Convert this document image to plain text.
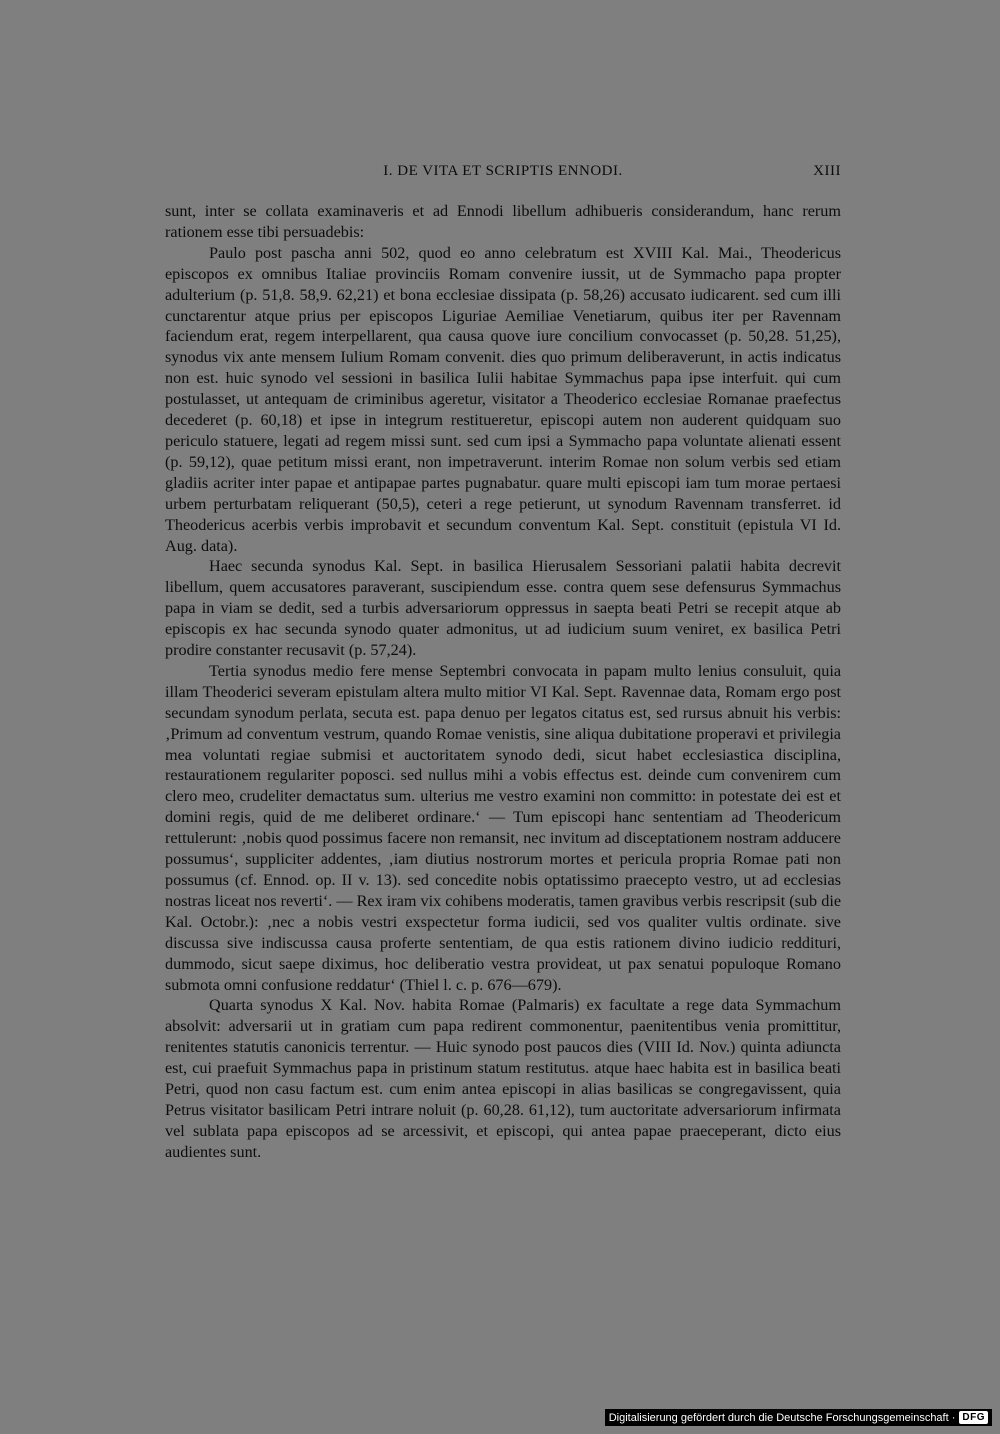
I. DE VITA ET SCRIPTIS ENNODI.	XIII

sunt, inter se collata examinaveris et ad Ennodi libellum adhibueris considerandum, hanc rerum rationem esse tibi persuadebis:

Paulo post pascha anni 502, quod eo anno celebratum est XVIII Kal. Mai., Theodericus episcopos ex omnibus Italiae provinciis Romam convenire iussit, ut de Symmacho papa propter adulterium (p. 51,8. 58,9. 62,21) et bona ecclesiae dissipata (p. 58,26) accusato iudicarent. sed cum illi cunctarentur atque prius per episcopos Liguriae Aemiliae Venetiarum, quibus iter per Ravennam faciendum erat, regem interpellarent, qua causa quove iure concilium convocasset (p. 50,28. 51,25), synodus vix ante mensem Iulium Romam convenit. dies quo primum deliberaverunt, in actis indicatus non est. huic synodo vel sessioni in basilica Iulii habitae Symmachus papa ipse interfuit. qui cum postulasset, ut antequam de criminibus ageretur, visitator a Theoderico ecclesiae Romanae praefectus decederet (p. 60,18) et ipse in integrum restitueretur, episcopi autem non auderent quidquam suo periculo statuere, legati ad regem missi sunt. sed cum ipsi a Symmacho papa voluntate alienati essent (p. 59,12), quae petitum missi erant, non impetraverunt. interim Romae non solum verbis sed etiam gladiis acriter inter papae et antipapae partes pugnabatur. quare multi episcopi iam tum morae pertaesi urbem perturbatam reliquerant (50,5), ceteri a rege petierunt, ut synodum Ravennam transferret. id Theodericus acerbis verbis improbavit et secundum conventum Kal. Sept. constituit (epistula VI Id. Aug. data).

Haec secunda synodus Kal. Sept. in basilica Hierusalem Sessoriani palatii habita decrevit libellum, quem accusatores paraverant, suscipiendum esse. contra quem sese defensurus Symmachus papa in viam se dedit, sed a turbis adversariorum oppressus in saepta beati Petri se recepit atque ab episcopis ex hac secunda synodo quater admonitus, ut ad iudicium suum veniret, ex basilica Petri prodire constanter recusavit (p. 57,24).

Tertia synodus medio fere mense Septembri convocata in papam multo lenius consuluit, quia illam Theoderici severam epistulam altera multo mitior VI Kal. Sept. Ravennae data, Romam ergo post secundam synodum perlata, secuta est. papa denuo per legatos citatus est, sed rursus abnuit his verbis: ‚Primum ad conventum vestrum, quando Romae venistis, sine aliqua dubitatione properavi et privilegia mea voluntati regiae submisi et auctoritatem synodo dedi, sicut habet ecclesiastica disciplina, restaurationem regulariter poposci. sed nullus mihi a vobis effectus est. deinde cum convenirem cum clero meo, crudeliter demactatus sum. ulterius me vestro examini non committo: in potestate dei est et domini regis, quid de me deliberet ordinare.‘ — Tum episcopi hanc sententiam ad Theodericum rettulerunt: ‚nobis quod possimus facere non remansit, nec invitum ad disceptationem nostram adducere possumus‘, suppliciter addentes, ‚iam diutius nostrorum mortes et pericula propria Romae pati non possumus (cf. Ennod. op. II v. 13). sed concedite nobis optatissimo praecepto vestro, ut ad ecclesias nostras liceat nos reverti‘. — Rex iram vix cohibens moderatis, tamen gravibus verbis rescripsit (sub die Kal. Octobr.): ‚nec a nobis vestri exspectetur forma iudicii, sed vos qualiter vultis ordinate. sive discussa sive indiscussa causa proferte sententiam, de qua estis rationem divino iudicio reddituri, dummodo, sicut saepe diximus, hoc deliberatio vestra provideat, ut pax senatui populoque Romano submota omni confusione reddatur‘ (Thiel l. c. p. 676—679).

Quarta synodus X Kal. Nov. habita Romae (Palmaris) ex facultate a rege data Symmachum absolvit: adversarii ut in gratiam cum papa redirent commonentur, paenitentibus venia promittitur, renitentes statutis canonicis terrentur. — Huic synodo post paucos dies (VIII Id. Nov.) quinta adiuncta est, cui praefuit Symmachus papa in pristinum statum restitutus. atque haec habita est in basilica beati Petri, quod non casu factum est. cum enim antea episcopi in alias basilicas se congregavissent, quia Petrus visitator basilicam Petri intrare noluit (p. 60,28. 61,12), tum auctoritate adversariorum infirmata vel sublata papa episcopos ad se arcessivit, et episcopi, qui antea papae praeceperant, dicto eius audientes sunt.

Digitalisierung gefördert durch die Deutsche Forschungsgemeinschaft · DFG
